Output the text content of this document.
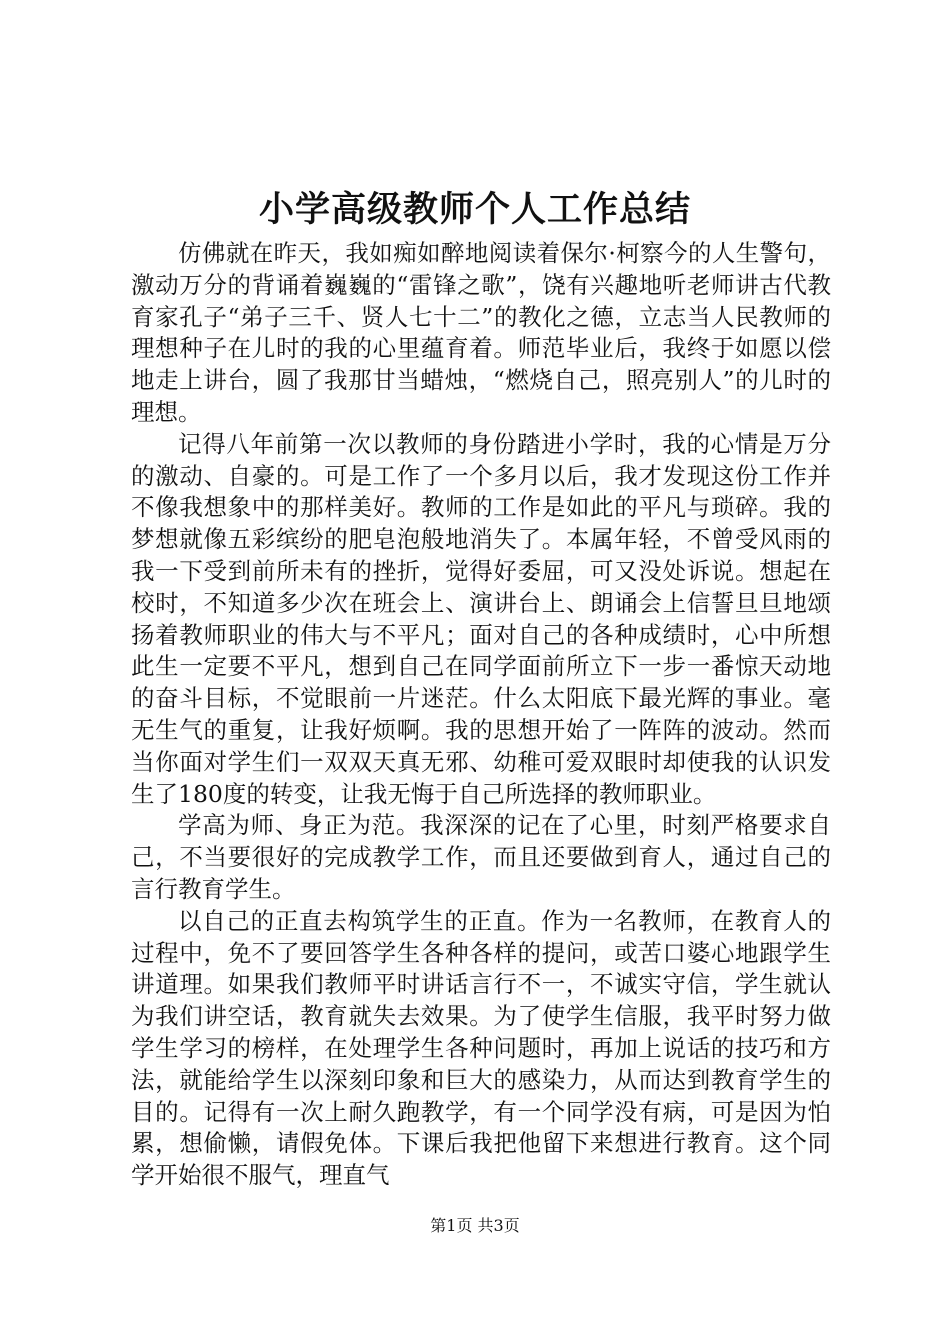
小学高级教师个人工作总结

仿佛就在昨天，我如痴如醉地阅读着保尔·柯察今的人生警句，激动万分的背诵着巍巍的“雷锋之歌”，饶有兴趣地听老师讲古代教育家孔子“弟子三千、贤人七十二”的教化之德，立志当人民教师的理想种子在儿时的我的心里蕴育着。师范毕业后，我终于如愿以偿地走上讲台，圆了我那甘当蜡烛，“燃烧自己，照亮别人”的儿时的理想。

记得八年前第一次以教师的身份踏进小学时，我的心情是万分的激动、自豪的。可是工作了一个多月以后，我才发现这份工作并不像我想象中的那样美好。教师的工作是如此的平凡与琐碎。我的梦想就像五彩缤纷的肥皂泡般地消失了。本属年轻，不曾受风雨的我一下受到前所未有的挫折，觉得好委屈，可又没处诉说。想起在校时，不知道多少次在班会上、演讲台上、朗诵会上信誓旦旦地颂扬着教师职业的伟大与不平凡；面对自己的各种成绩时，心中所想此生一定要不平凡，想到自己在同学面前所立下一步一番惊天动地的奋斗目标，不觉眼前一片迷茫。什么太阳底下最光辉的事业。毫无生气的重复，让我好烦啊。我的思想开始了一阵阵的波动。然而当你面对学生们一双双天真无邪、幼稚可爱双眼时却使我的认识发生了180度的转变，让我无悔于自己所选择的教师职业。

学高为师、身正为范。我深深的记在了心里，时刻严格要求自己，不当要很好的完成教学工作，而且还要做到育人，通过自己的言行教育学生。

以自己的正直去构筑学生的正直。作为一名教师，在教育人的过程中，免不了要回答学生各种各样的提问，或苦口婆心地跟学生讲道理。如果我们教师平时讲话言行不一，不诚实守信，学生就认为我们讲空话，教育就失去效果。为了使学生信服，我平时努力做学生学习的榜样，在处理学生各种问题时，再加上说话的技巧和方法，就能给学生以深刻印象和巨大的感染力，从而达到教育学生的目的。记得有一次上耐久跑教学，有一个同学没有病，可是因为怕累，想偷懒，请假免体。下课后我把他留下来想进行教育。这个同学开始很不服气，理直气

第1页 共3页
